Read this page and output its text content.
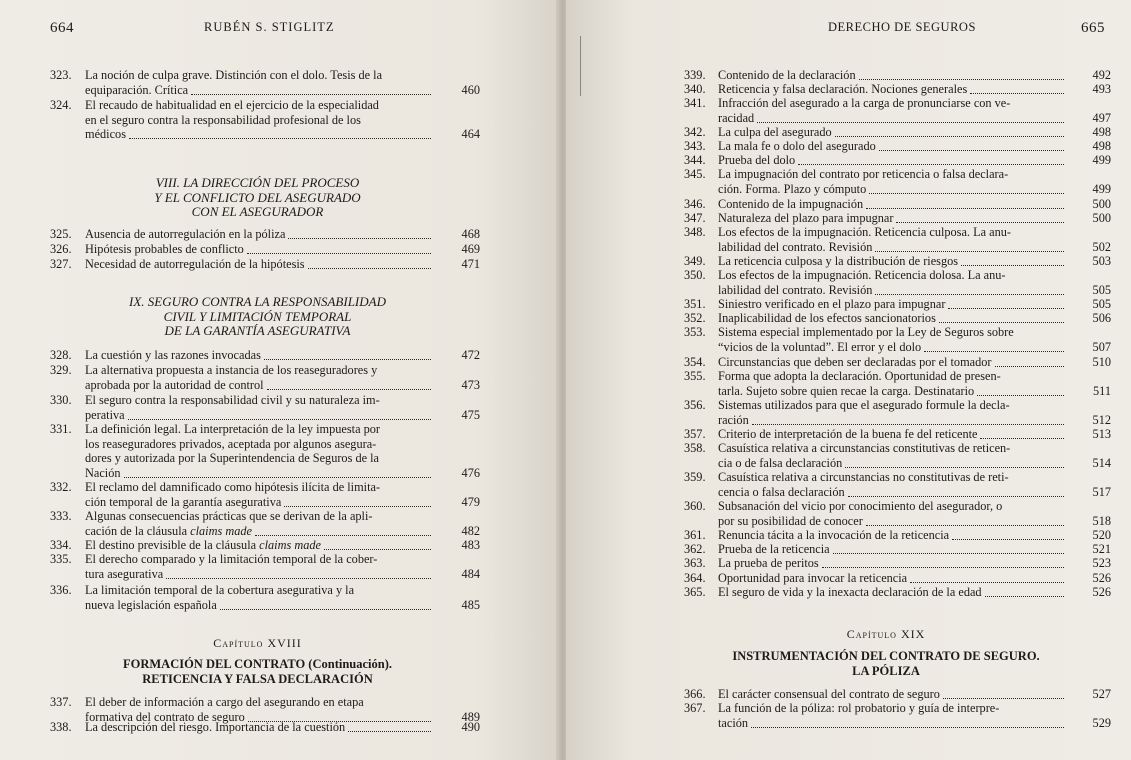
664	RUBÉN S. STIGLITZ
VIII. LA DIRECCIÓN DEL PROCESO
Y EL CONFLICTO DEL ASEGURADO
CON EL ASEGURADOR
IX. SEGURO CONTRA LA RESPONSABILIDAD
CIVIL Y LIMITACIÓN TEMPORAL
DE LA GARANTÍA ASEGURATIVA
Capítulo XVIII
FORMACIÓN DEL CONTRATO (Continuación).
RETICENCIA Y FALSA DECLARACIÓN
323. La noción de culpa grave. Distinción con el dolo. Tesis de la
equiparación. Crítica	460
324. El recaudo de habitualidad en el ejercicio de la especialidad
en el seguro contra la responsabilidad profesional de los
médicos	464
325. Ausencia de autorregulación en la póliza	468
326. Hipótesis probables de conflicto	469
327. Necesidad de autorregulación de la hipótesis	471
328. La cuestión y las razones invocadas	472
329. La alternativa propuesta a instancia de los reaseguradores y
aprobada por la autoridad de control	473
330. El seguro contra la responsabilidad civil y su naturaleza im-
perativa	475
331. La definición legal. La interpretación de la ley impuesta por
los reaseguradores privados, aceptada por algunos asegura-
dores y autorizada por la Superintendencia de Seguros de la
Nación	476
332. El reclamo del damnificado como hipótesis ilícita de limita-
ción temporal de la garantía asegurativa	479
333. Algunas consecuencias prácticas que se derivan de la apli-
cación de la cláusula claims made	482
334. El destino previsible de la cláusula claims made	483
335. El derecho comparado y la limitación temporal de la cober-
tura asegurativa	484
336. La limitación temporal de la cobertura asegurativa y la
nueva legislación española	485
337. El deber de información a cargo del asegurando en etapa
formativa del contrato de seguro	489
338. La descripción del riesgo. Importancia de la cuestión	490
DERECHO DE SEGUROS	665
Capítulo XIX
INSTRUMENTACIÓN DEL CONTRATO DE SEGURO.
LA PÓLIZA
339. Contenido de la declaración	492
340. Reticencia y falsa declaración. Nociones generales	493
341. Infracción del asegurado a la carga de pronunciarse con ve-
racidad	497
342. La culpa del asegurado	498
343. La mala fe o dolo del asegurado	498
344. Prueba del dolo	499
345. La impugnación del contrato por reticencia o falsa declara-
ción. Forma. Plazo y cómputo	499
346. Contenido de la impugnación	500
347. Naturaleza del plazo para impugnar	500
348. Los efectos de la impugnación. Reticencia culposa. La anu-
labilidad del contrato. Revisión	502
349. La reticencia culposa y la distribución de riesgos	503
350. Los efectos de la impugnación. Reticencia dolosa. La anu-
labilidad del contrato. Revisión	505
351. Siniestro verificado en el plazo para impugnar	505
352. Inaplicabilidad de los efectos sancionatorios	506
353. Sistema especial implementado por la Ley de Seguros sobre
“vicios de la voluntad”. El error y el dolo	507
354. Circunstancias que deben ser declaradas por el tomador	510
355. Forma que adopta la declaración. Oportunidad de presen-
tarla. Sujeto sobre quien recae la carga. Destinatario	511
356. Sistemas utilizados para que el asegurado formule la decla-
ración	512
357. Criterio de interpretación de la buena fe del reticente	513
358. Casuística relativa a circunstancias constitutivas de reticen-
cia o de falsa declaración	514
359. Casuística relativa a circunstancias no constitutivas de reti-
cencia o falsa declaración	517
360. Subsanación del vicio por conocimiento del asegurador, o
por su posibilidad de conocer	518
361. Renuncia tácita a la invocación de la reticencia	520
362. Prueba de la reticencia	521
363. La prueba de peritos	523
364. Oportunidad para invocar la reticencia	526
365. El seguro de vida y la inexacta declaración de la edad	526
366. El carácter consensual del contrato de seguro	527
367. La función de la póliza: rol probatorio y guía de interpre-
tación	529
